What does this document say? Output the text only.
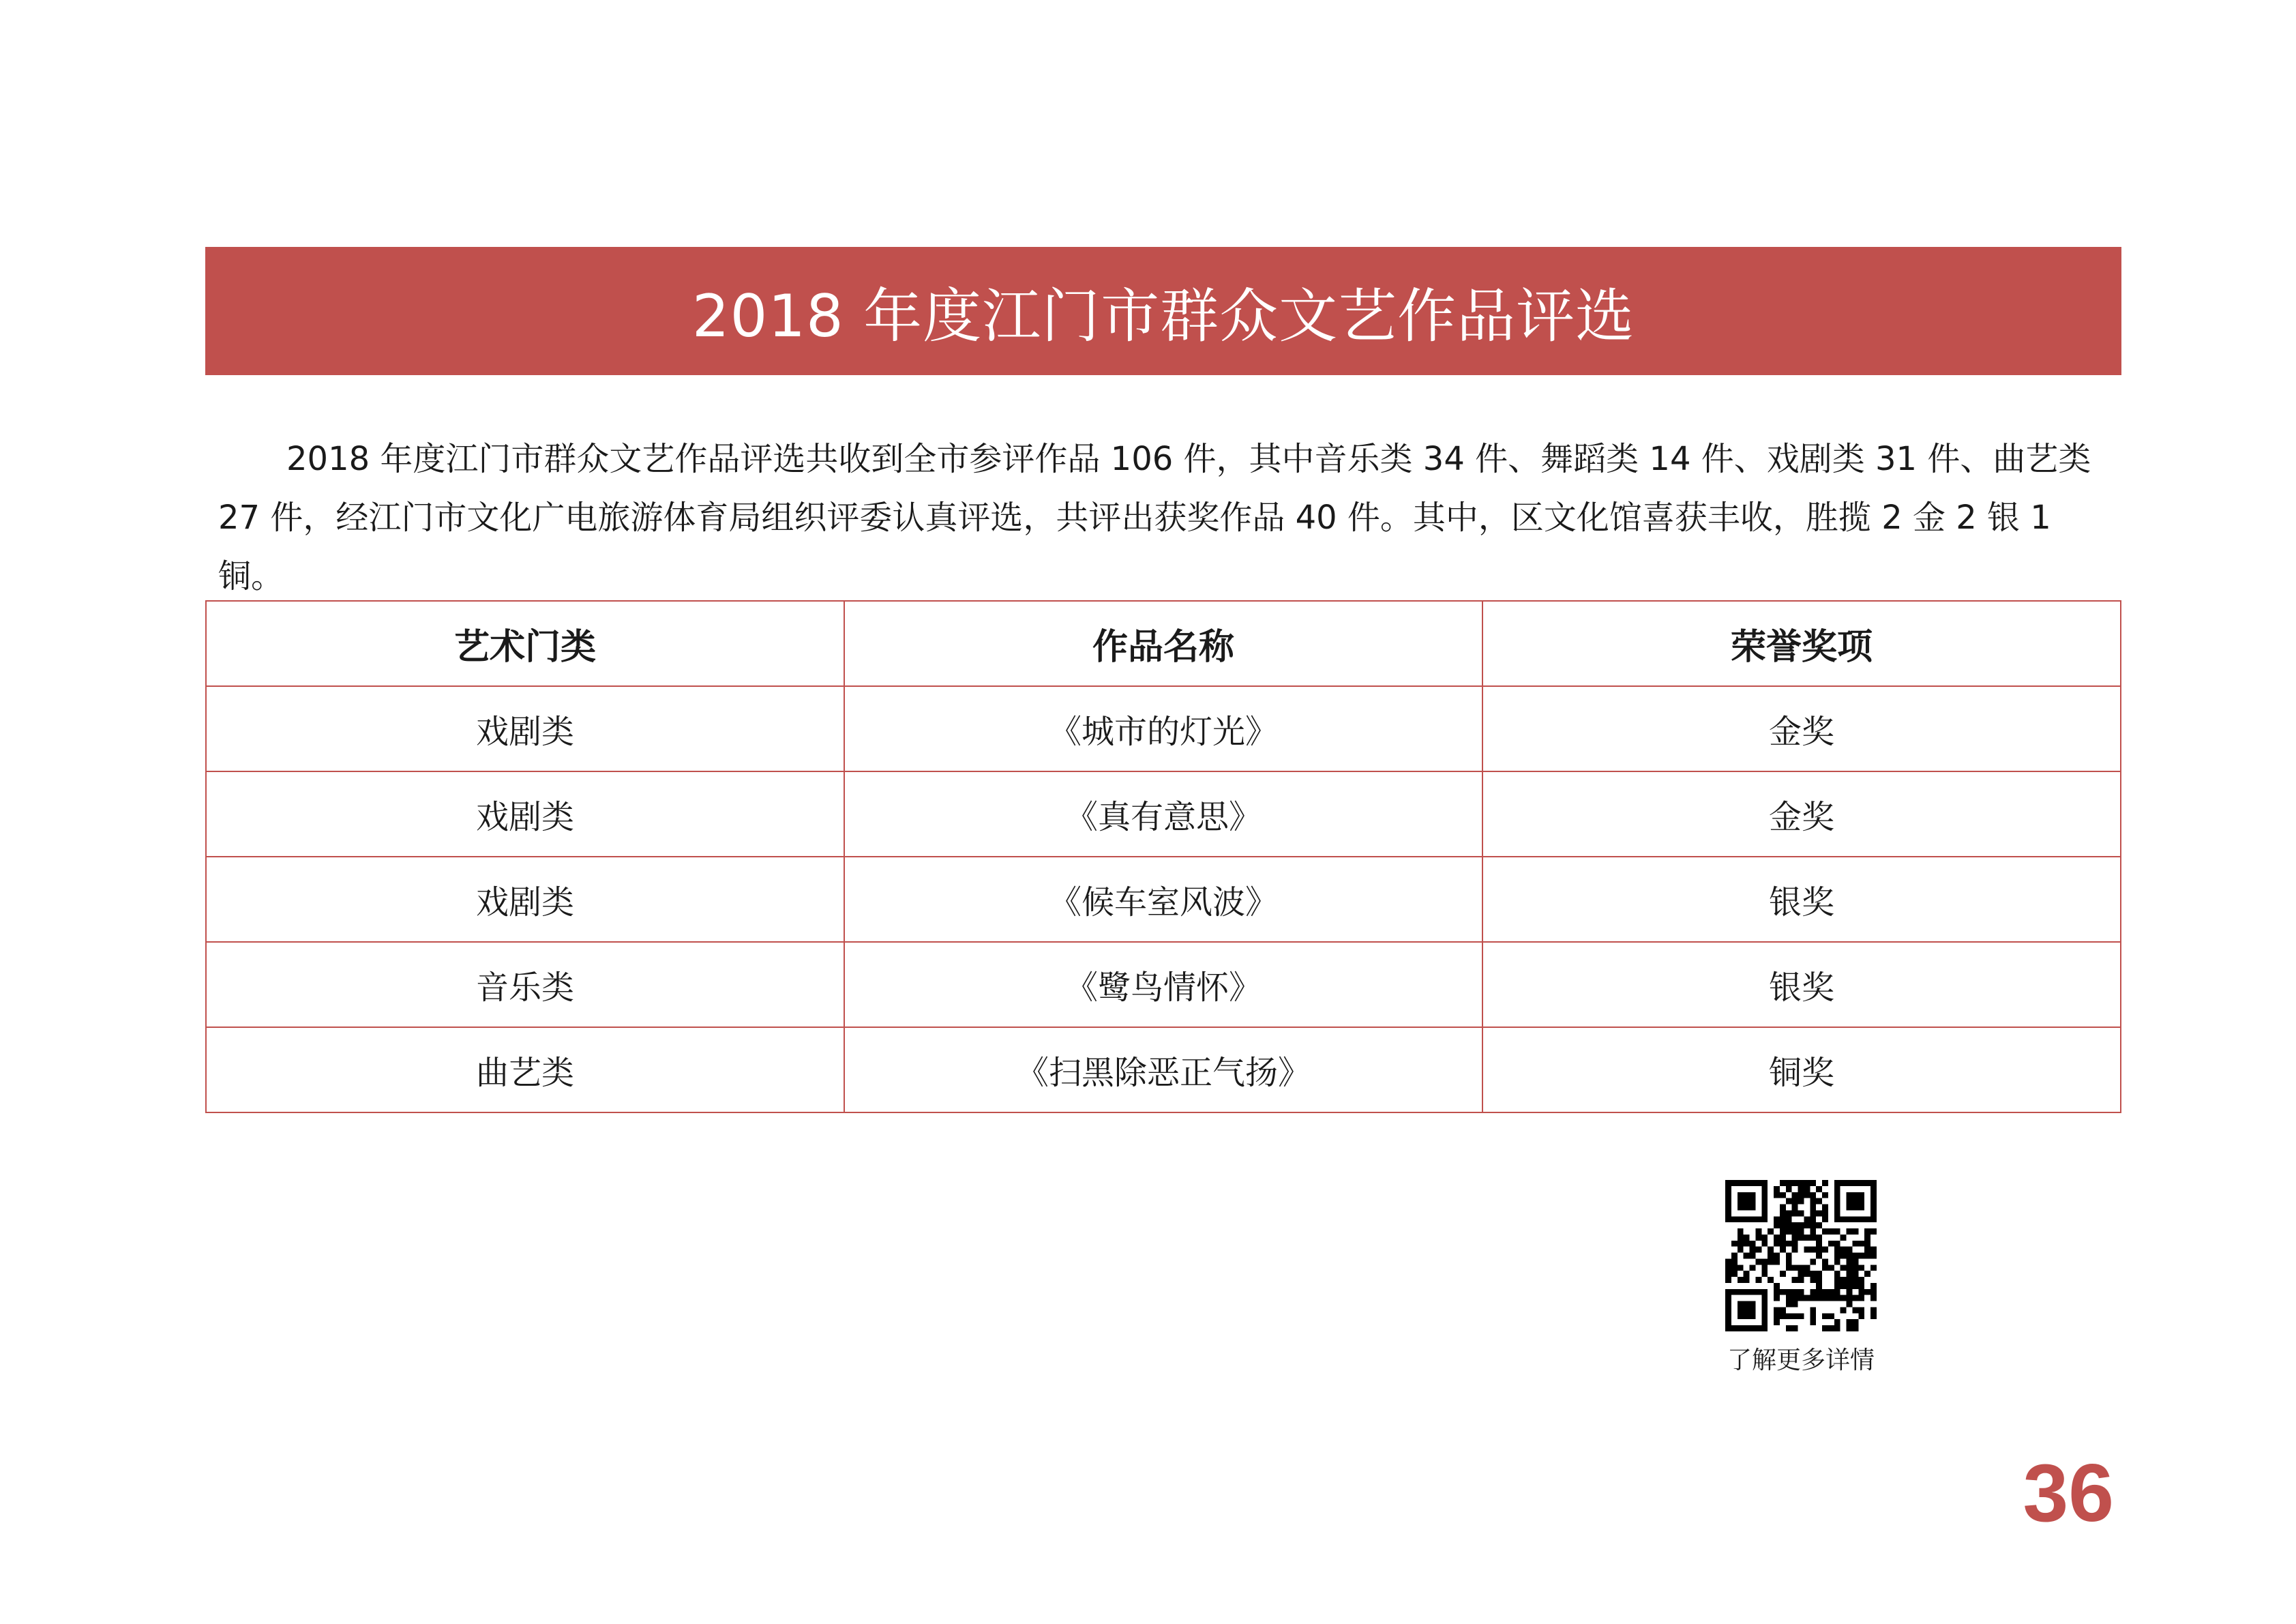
2018 年度江门市群众文艺作品评选

2018 年度江门市群众文艺作品评选共收到全市参评作品 106 件，其中音乐类 34 件、舞蹈类 14 件、戏剧类 31 件、曲艺类 27 件，经江门市文化广电旅游体育局组织评委认真评选，共评出获奖作品 40 件。其中，区文化馆喜获丰收，胜揽 2 金 2 银 1 铜。

艺术门类	作品名称	荣誉奖项
戏剧类	《城市的灯光》	金奖
戏剧类	《真有意思》	金奖
戏剧类	《候车室风波》	银奖
音乐类	《鹭鸟情怀》	银奖
曲艺类	《扫黑除恶正气扬》	铜奖
了解更多详情
36
